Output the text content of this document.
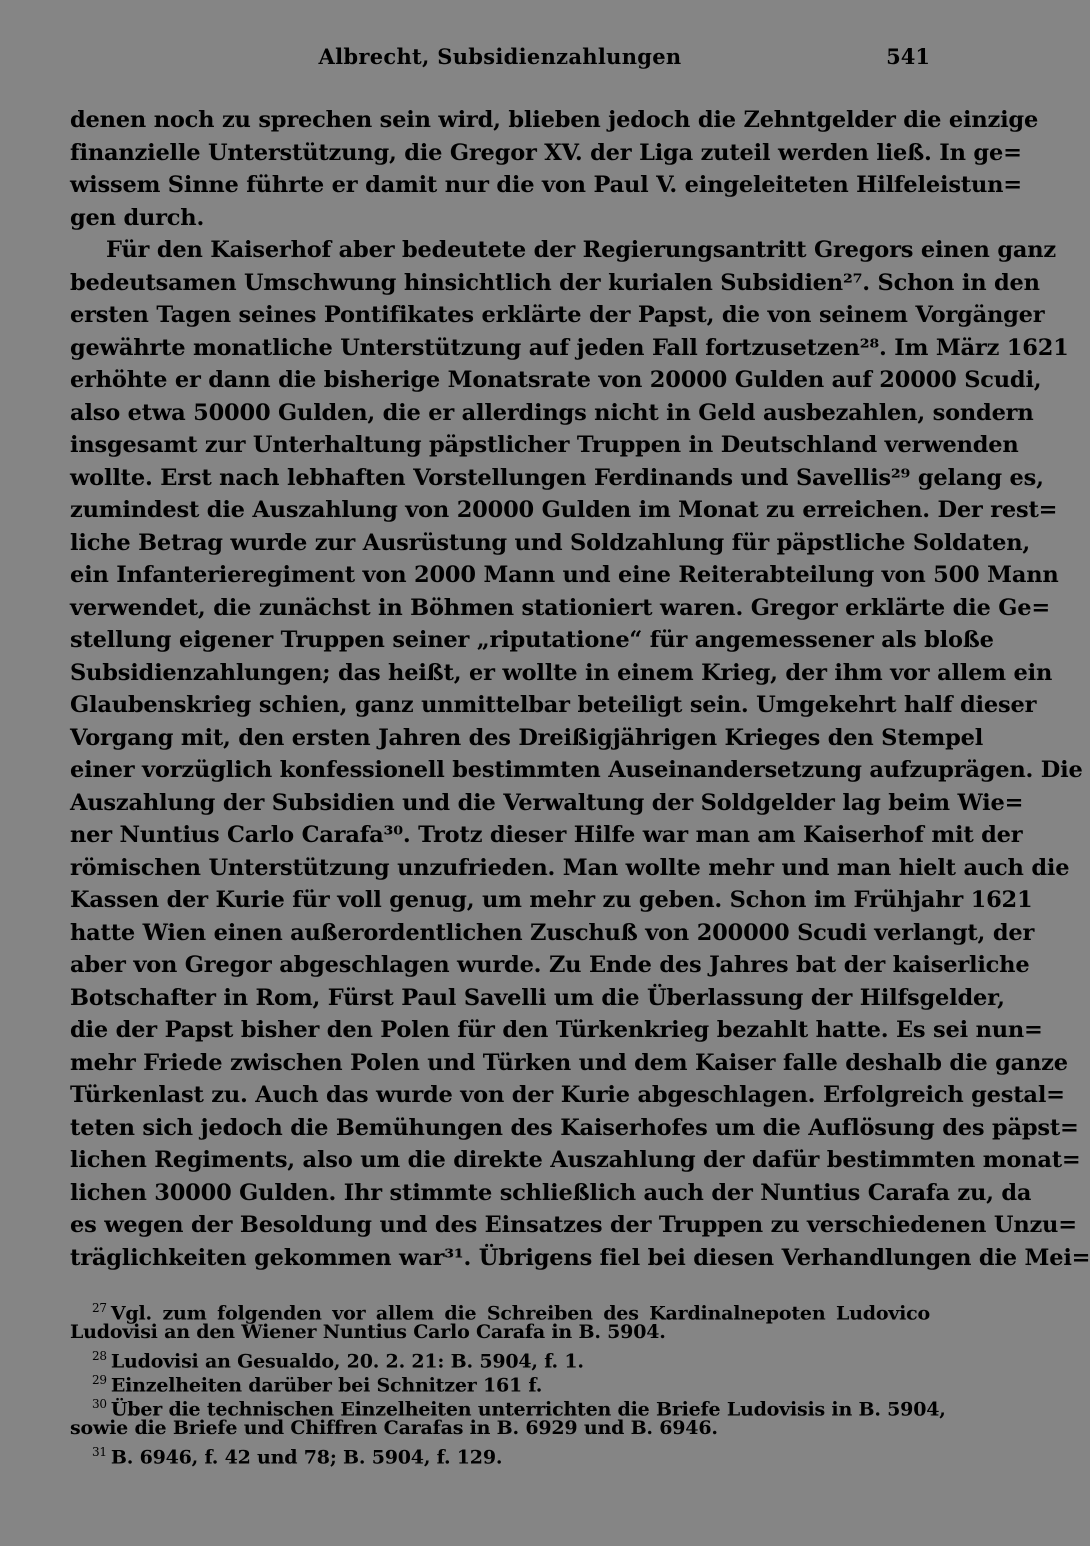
Albrecht, Subsidienzahlungen	541
denen noch zu sprechen sein wird, blieben jedoch die Zehntgelder die einzige
finanzielle Unterstützung, die Gregor XV. der Liga zuteil werden ließ. In ge=
wissem Sinne führte er damit nur die von Paul V. eingeleiteten Hilfeleistun=
gen durch.
Für den Kaiserhof aber bedeutete der Regierungsantritt Gregors einen ganz
bedeutsamen Umschwung hinsichtlich der kurialen Subsidien²⁷. Schon in den
ersten Tagen seines Pontifikates erklärte der Papst, die von seinem Vorgänger
gewährte monatliche Unterstützung auf jeden Fall fortzusetzen²⁸. Im März 1621
erhöhte er dann die bisherige Monatsrate von 20000 Gulden auf 20000 Scudi,
also etwa 50000 Gulden, die er allerdings nicht in Geld ausbezahlen, sondern
insgesamt zur Unterhaltung päpstlicher Truppen in Deutschland verwenden
wollte. Erst nach lebhaften Vorstellungen Ferdinands und Savellis²⁹ gelang es,
zumindest die Auszahlung von 20000 Gulden im Monat zu erreichen. Der rest=
liche Betrag wurde zur Ausrüstung und Soldzahlung für päpstliche Soldaten,
ein Infanterieregiment von 2000 Mann und eine Reiterabteilung von 500 Mann
verwendet, die zunächst in Böhmen stationiert waren. Gregor erklärte die Ge=
stellung eigener Truppen seiner „riputatione“ für angemessener als bloße
Subsidienzahlungen; das heißt, er wollte in einem Krieg, der ihm vor allem ein
Glaubenskrieg schien, ganz unmittelbar beteiligt sein. Umgekehrt half dieser
Vorgang mit, den ersten Jahren des Dreißigjährigen Krieges den Stempel
einer vorzüglich konfessionell bestimmten Auseinandersetzung aufzuprägen. Die
Auszahlung der Subsidien und die Verwaltung der Soldgelder lag beim Wie=
ner Nuntius Carlo Carafa³⁰. Trotz dieser Hilfe war man am Kaiserhof mit der
römischen Unterstützung unzufrieden. Man wollte mehr und man hielt auch die
Kassen der Kurie für voll genug, um mehr zu geben. Schon im Frühjahr 1621
hatte Wien einen außerordentlichen Zuschuß von 200000 Scudi verlangt, der
aber von Gregor abgeschlagen wurde. Zu Ende des Jahres bat der kaiserliche
Botschafter in Rom, Fürst Paul Savelli um die Überlassung der Hilfsgelder,
die der Papst bisher den Polen für den Türkenkrieg bezahlt hatte. Es sei nun=
mehr Friede zwischen Polen und Türken und dem Kaiser falle deshalb die ganze
Türkenlast zu. Auch das wurde von der Kurie abgeschlagen. Erfolgreich gestal=
teten sich jedoch die Bemühungen des Kaiserhofes um die Auflösung des päpst=
lichen Regiments, also um die direkte Auszahlung der dafür bestimmten monat=
lichen 30000 Gulden. Ihr stimmte schließlich auch der Nuntius Carafa zu, da
es wegen der Besoldung und des Einsatzes der Truppen zu verschiedenen Unzu=
träglichkeiten gekommen war³¹. Übrigens fiel bei diesen Verhandlungen die Mei=
$^{27}$ Vgl. zum folgenden vor allem die Schreiben des Kardinalnepoten Ludovico
Ludovisi an den Wiener Nuntius Carlo Carafa in B. 5904.
$^{28}$ Ludovisi an Gesualdo, 20. 2. 21: B. 5904, f. 1.
$^{29}$ Einzelheiten darüber bei Schnitzer 161 f.
$^{30}$ Über die technischen Einzelheiten unterrichten die Briefe Ludovisis in B. 5904,
sowie die Briefe und Chiffren Carafas in B. 6929 und B. 6946.
$^{31}$ B. 6946, f. 42 und 78; B. 5904, f. 129.
